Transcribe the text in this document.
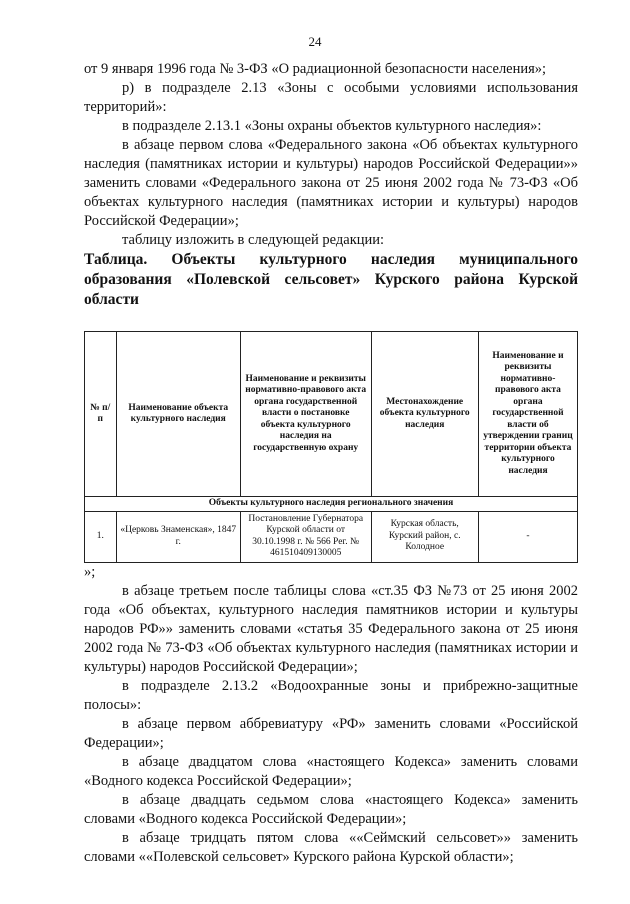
24

от 9 января 1996 года № 3-ФЗ «О радиационной безопасности населения»;

р) в подразделе 2.13 «Зоны с особыми условиями использования территорий»:

в подразделе 2.13.1 «Зоны охраны объектов культурного наследия»:

в абзаце первом слова «Федерального закона «Об объектах культурного наследия (памятниках истории и культуры) народов Российской Федерации»» заменить словами «Федерального закона от 25 июня 2002 года № 73-ФЗ «Об объектах культурного наследия (памятниках истории и культуры) народов Российской Федерации»;

таблицу изложить в следующей редакции:

Таблица. Объекты культурного наследия муниципального образования «Полевской сельсовет» Курского района Курской области

№ п/п	Наименование объекта культурного наследия	Наименование и реквизиты нормативно-правового акта органа государственной власти о постановке объекта культурного наследия на государственную охрану	Местонахождение объекта культурного наследия	Наименование и реквизиты нормативно-правового акта органа государственной власти об утверждении границ территории объекта культурного наследия
Объекты культурного наследия регионального значения				
1.	«Церковь Знаменская», 1847 г.	Постановление Губернатора Курской области от 30.10.1998 г. № 566 Рег. № 461510409130005	Курская область, Курский район, с. Колодное	-

»;

в абзаце третьем после таблицы слова «ст.35 ФЗ №73 от 25 июня 2002 года «Об объектах, культурного наследия памятников истории и культуры народов РФ»» заменить словами «статья 35 Федерального закона от 25 июня 2002 года № 73-ФЗ «Об объектах культурного наследия (памятниках истории и культуры) народов Российской Федерации»;

в подразделе 2.13.2 «Водоохранные зоны и прибрежно-защитные полосы»:

в абзаце первом аббревиатуру «РФ» заменить словами «Российской Федерации»;

в абзаце двадцатом слова «настоящего Кодекса» заменить словами «Водного кодекса Российской Федерации»;

в абзаце двадцать седьмом слова «настоящего Кодекса» заменить словами «Водного кодекса Российской Федерации»;

в абзаце тридцать пятом слова ««Сеймский сельсовет»» заменить словами ««Полевской сельсовет» Курского района Курской области»;
